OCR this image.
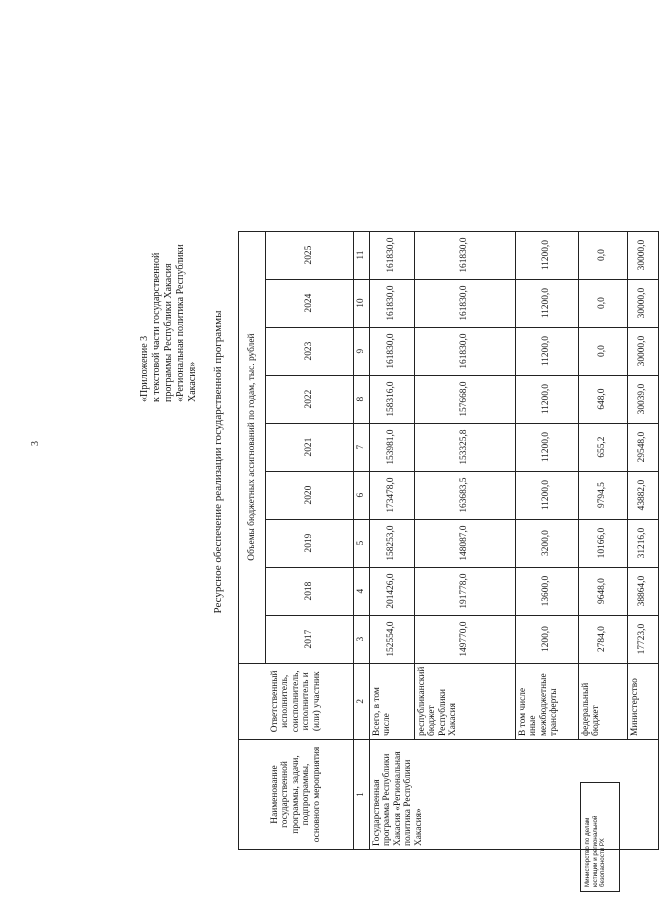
3
«Приложение 3 к текстовой части государственной программы Республики Хакасия «Региональная политика Республики Хакасия» Ресурсное обеспечение реализации государственной программы
Наименование государственной программы, задачи, подпрограммы, основного мероприятия	Ответственный исполнитель, соисполнитель, исполнитель и (или) участник	Объемы бюджетных ассигнований по годам, тыс. рублей								
		2017	2018	2019	2020	2021	2022	2023	2024	2025
1	2	3	4	5	6	7	8	9	10	11
Государственная программа Республики Хакасия «Региональная политика Республики Хакасия»	Всего, в том числе	152554,0	201426,0	158253,0	173478,0	153981,0	158316,0	161830,0	161830,0	161830,0
	республиканский бюджет Республики Хакасия	149770,0	191778,0	148087,0	163683,5	153325,8	157668,0	161830,0	161830,0	161830,0
	В том числе иные межбюджетные трансферты	1200,0	13600,0	3200,0	11200,0	11200,0	11200,0	11200,0	11200,0	11200,0
	федеральный бюджет	2784,0	9648,0	10166,0	9794,5	655,2	648,0	0,0	0,0	0,0
	Министерство	17723,0	38864,0	31216,0	43882,0	29548,0	30039,0	30000,0	30000,0	30000,0
Министерство по делам юстиции и региональной безопасности РХ
